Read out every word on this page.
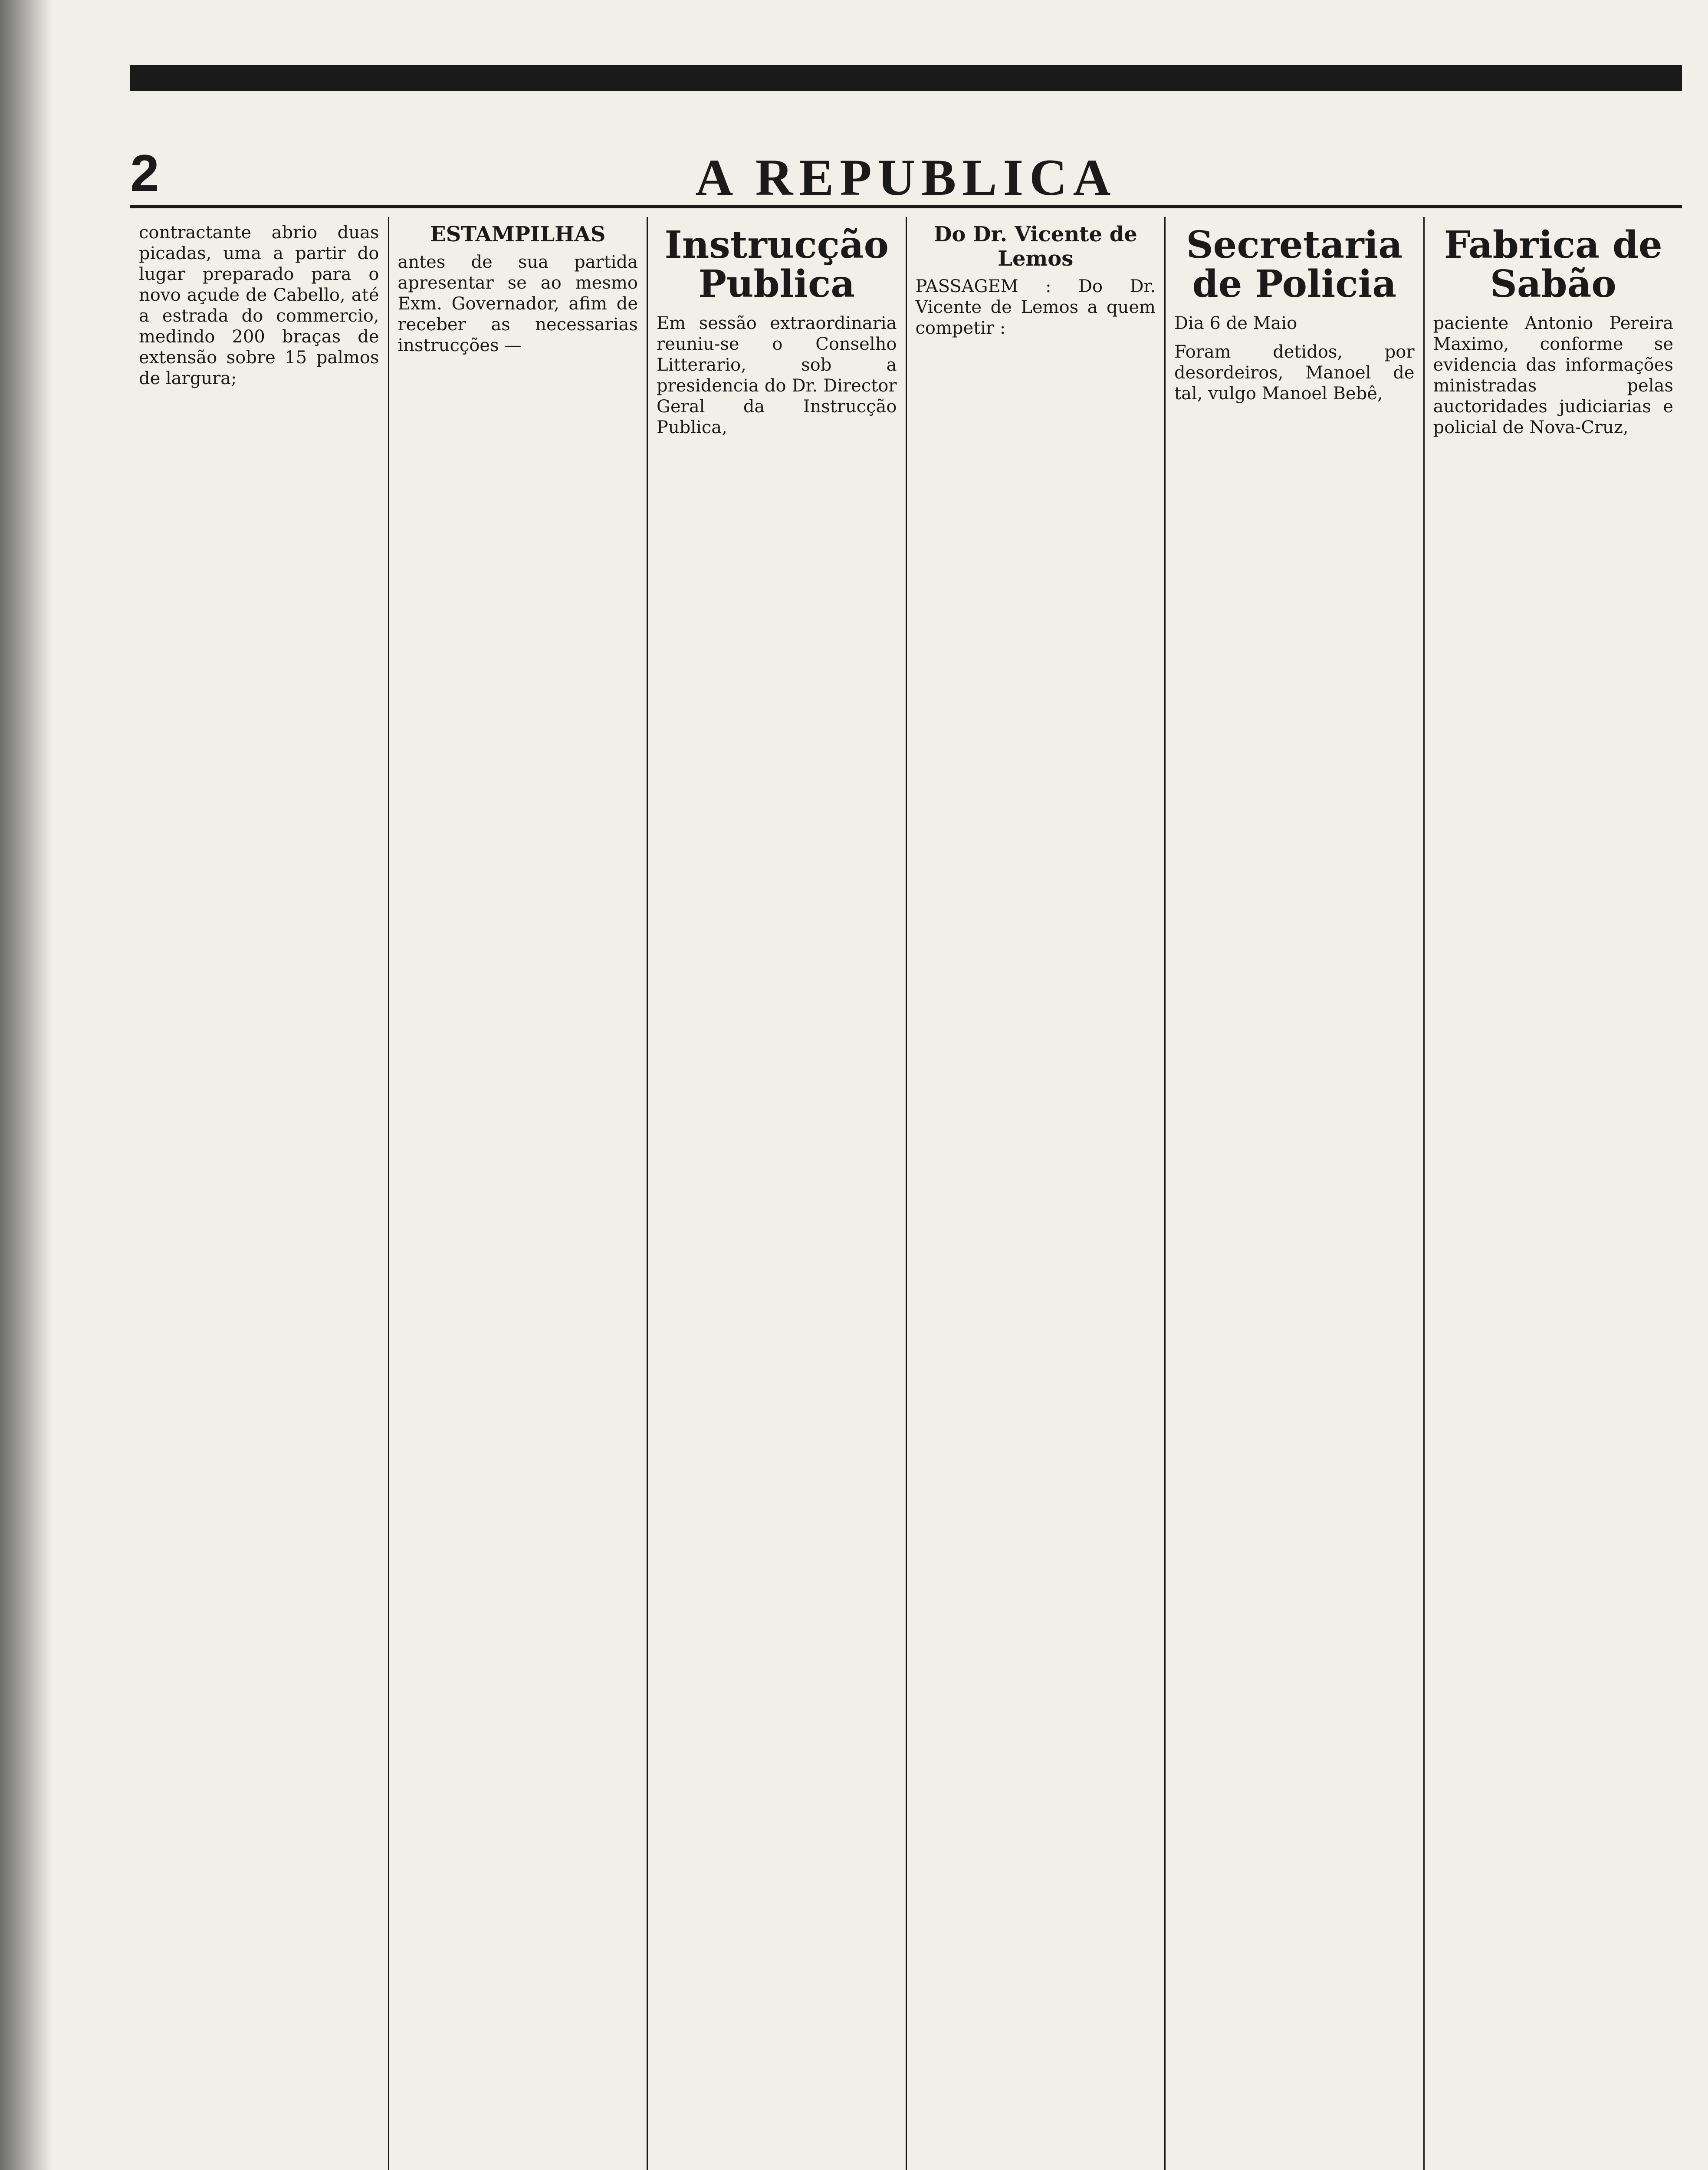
2	A REPUBLICA

contractante abrio duas picadas, uma a partir do lugar preparado para o novo açude de Cabello, até a estrada do commercio, medindo 200 braças de extensão sobre 15 palmos de largura;

ESTAMPILHAS

antes de sua partida apresentar se ao mesmo Exm. Governador, afim de receber as necessarias instrucções —

Instrucção Publica

Em sessão extraordinaria reuniu-se o Conselho Litterario, sob a presidencia do Dr. Director Geral da Instrucção Publica,

Do Dr. Vicente de Lemos

PASSAGEM : Do Dr. Vicente de Lemos a quem competir :

Secretaria de Policia

Dia 6 de Maio

Foram detidos, por desordeiros, Manoel de tal, vulgo Manoel Bebê,

Fabrica de Sabão

paciente Antonio Pereira Maximo, conforme se evidencia das informações ministradas pelas auctoridades judiciarias e policial de Nova-Cruz,
